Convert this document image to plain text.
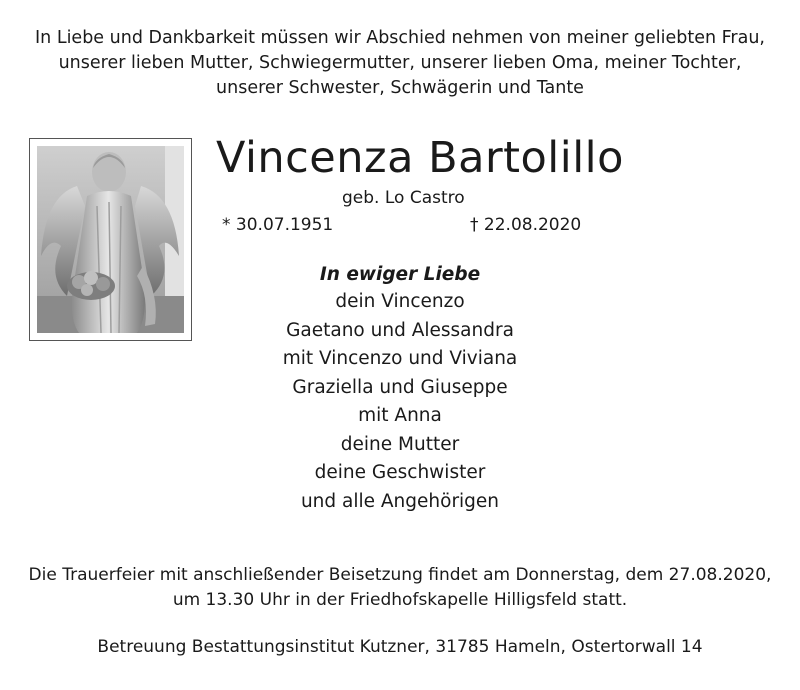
In Liebe und Dankbarkeit müssen wir Abschied nehmen von meiner geliebten Frau,
unserer lieben Mutter, Schwiegermutter, unserer lieben Oma, meiner Tochter,
unserer Schwester, Schwägerin und Tante
Vincenza Bartolillo
geb. Lo Castro
* 30.07.1951	† 22.08.2020
In ewiger Liebe
dein Vincenzo
Gaetano und Alessandra
mit Vincenzo und Viviana
Graziella und Giuseppe
mit Anna
deine Mutter
deine Geschwister
und alle Angehörigen
Die Trauerfeier mit anschließender Beisetzung findet am Donnerstag, dem 27.08.2020,
um 13.30 Uhr in der Friedhofskapelle Hilligsfeld statt.
Betreuung Bestattungsinstitut Kutzner, 31785 Hameln, Ostertorwall 14
